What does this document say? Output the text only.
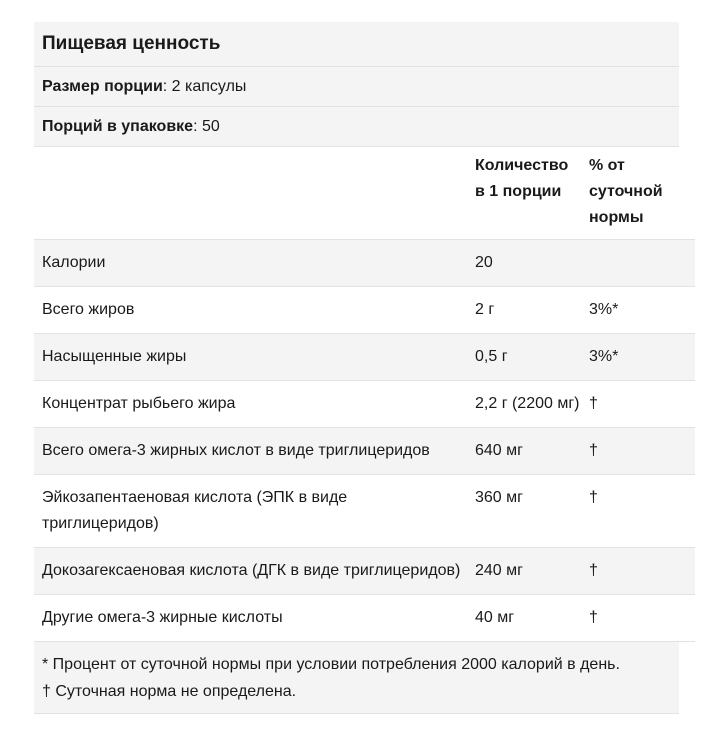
Пищевая ценность
Размер порции: 2 капсулы
Порций в упаковке: 50
	Количество в 1 порции	% от суточной нормы
Калории	20	
Всего жиров	2 г	3%*
Насыщенные жиры	0,5 г	3%*
Концентрат рыбьего жира	2,2 г (2200 мг)	†
Всего омега-3 жирных кислот в виде триглицеридов	640 мг	†
Эйкозапентаеновая кислота (ЭПК в виде триглицеридов)	360 мг	†
Докозагексаеновая кислота (ДГК в виде триглицеридов)	240 мг	†
Другие омега-3 жирные кислоты	40 мг	†
* Процент от суточной нормы при условии потребления 2000 калорий в день.
† Суточная норма не определена.
